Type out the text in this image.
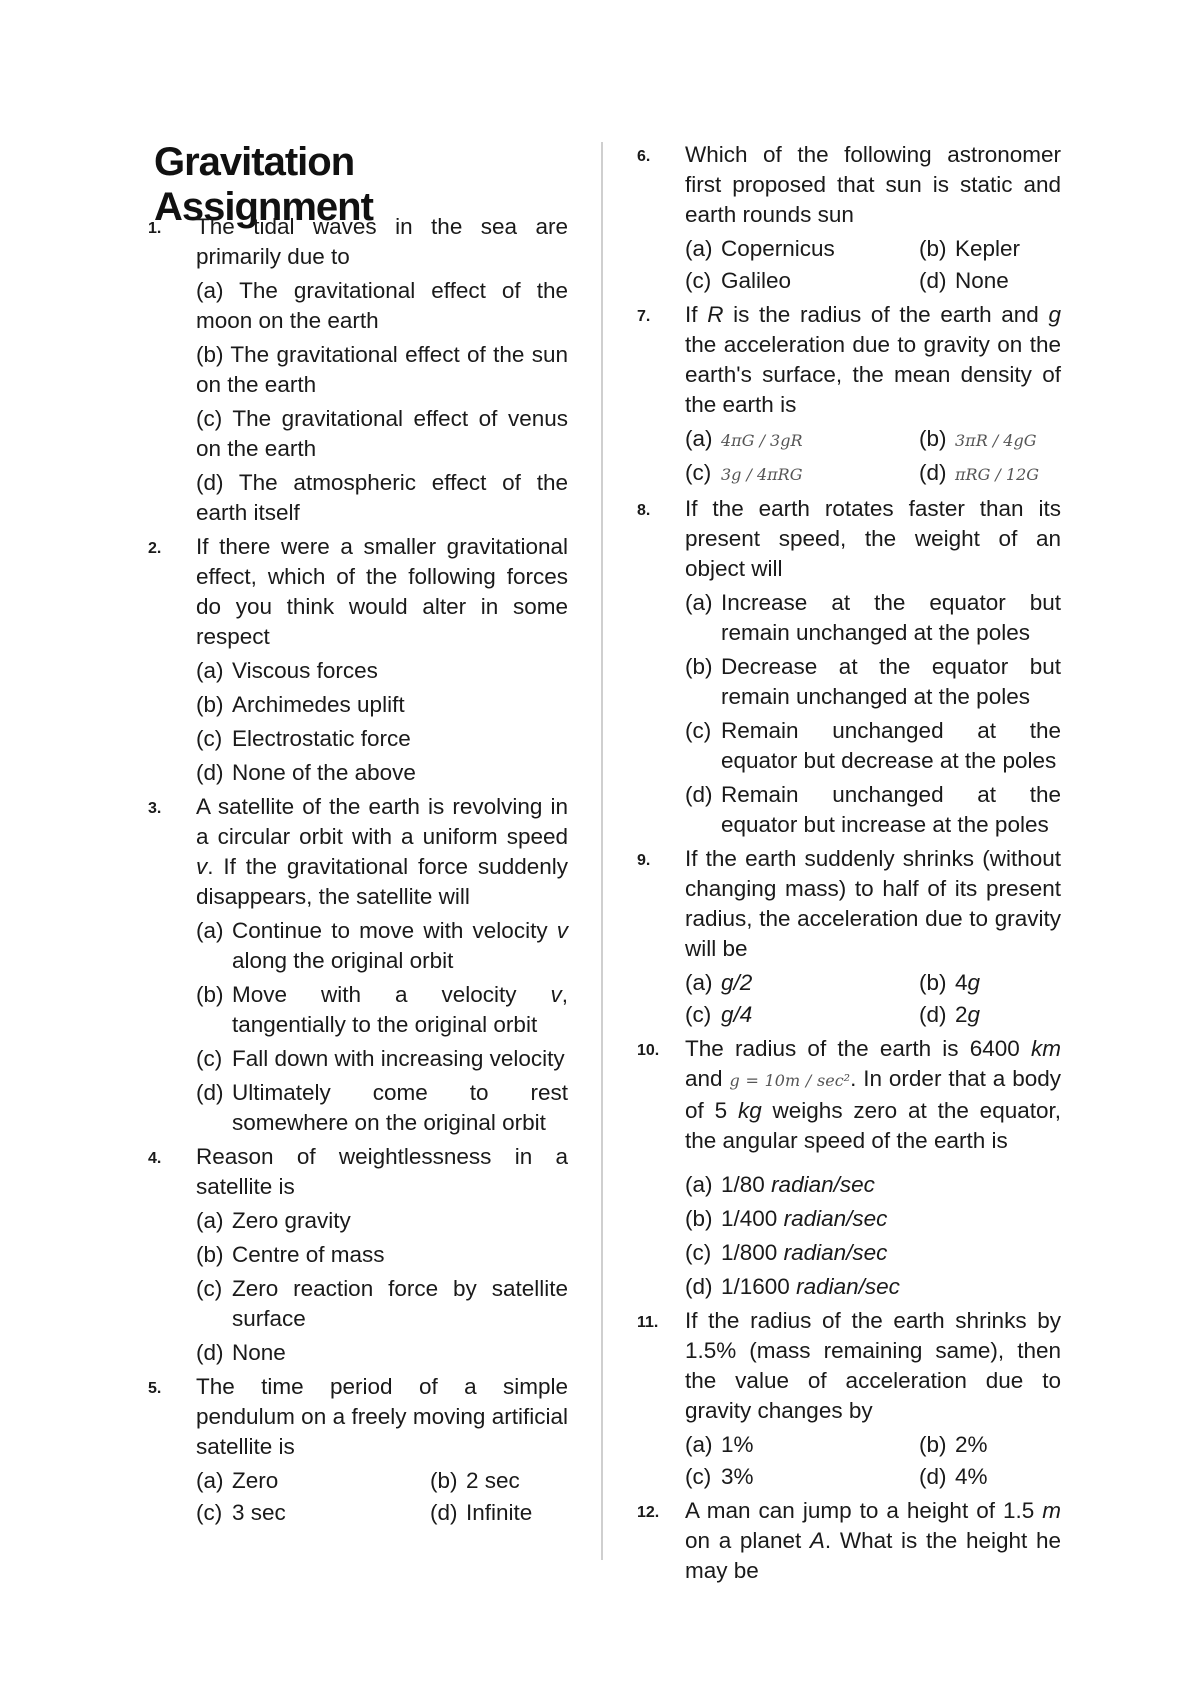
Gravitation Assignment
1. The tidal waves in the sea are primarily due to
(a) The gravitational effect of the moon on the earth
(b) The gravitational effect of the sun on the earth
(c) The gravitational effect of venus on the earth
(d) The atmospheric effect of the earth itself
2. If there were a smaller gravitational effect, which of the following forces do you think would alter in some respect
(a) Viscous forces
(b) Archimedes uplift
(c) Electrostatic force
(d) None of the above
3. A satellite of the earth is revolving in a circular orbit with a uniform speed v. If the gravitational force suddenly disappears, the satellite will
(a) Continue to move with velocity v along the original orbit
(b) Move with a velocity v, tangentially to the original orbit
(c) Fall down with increasing velocity
(d) Ultimately come to rest somewhere on the original orbit
4. Reason of weightlessness in a satellite is
(a) Zero gravity
(b) Centre of mass
(c) Zero reaction force by satellite surface
(d) None
5. The time period of a simple pendulum on a freely moving artificial satellite is
(a) Zero	(b) 2 sec
(c) 3 sec	(d) Infinite
6. Which of the following astronomer first proposed that sun is static and earth rounds sun
(a) Copernicus	(b) Kepler
(c) Galileo	(d) None
7. If R is the radius of the earth and g the acceleration due to gravity on the earth's surface, the mean density of the earth is
(a) 4πG / 3gR	(b) 3πR / 4gG
(c) 3g / 4πRG	(d) πRG / 12G
8. If the earth rotates faster than its present speed, the weight of an object will
(a) Increase at the equator but remain unchanged at the poles
(b) Decrease at the equator but remain unchanged at the poles
(c) Remain unchanged at the equator but decrease at the poles
(d) Remain unchanged at the equator but increase at the poles
9. If the earth suddenly shrinks (without changing mass) to half of its present radius, the acceleration due to gravity will be
(a) g/2	(b) 4g
(c) g/4	(d) 2g
10. The radius of the earth is 6400 km and g = 10m / sec². In order that a body of 5 kg weighs zero at the equator, the angular speed of the earth is
(a) 1/80 radian/sec
(b) 1/400 radian/sec
(c) 1/800 radian/sec
(d) 1/1600 radian/sec
11. If the radius of the earth shrinks by 1.5% (mass remaining same), then the value of acceleration due to gravity changes by
(a) 1%	(b) 2%
(c) 3%	(d) 4%
12. A man can jump to a height of 1.5 m on a planet A. What is the height he may be
